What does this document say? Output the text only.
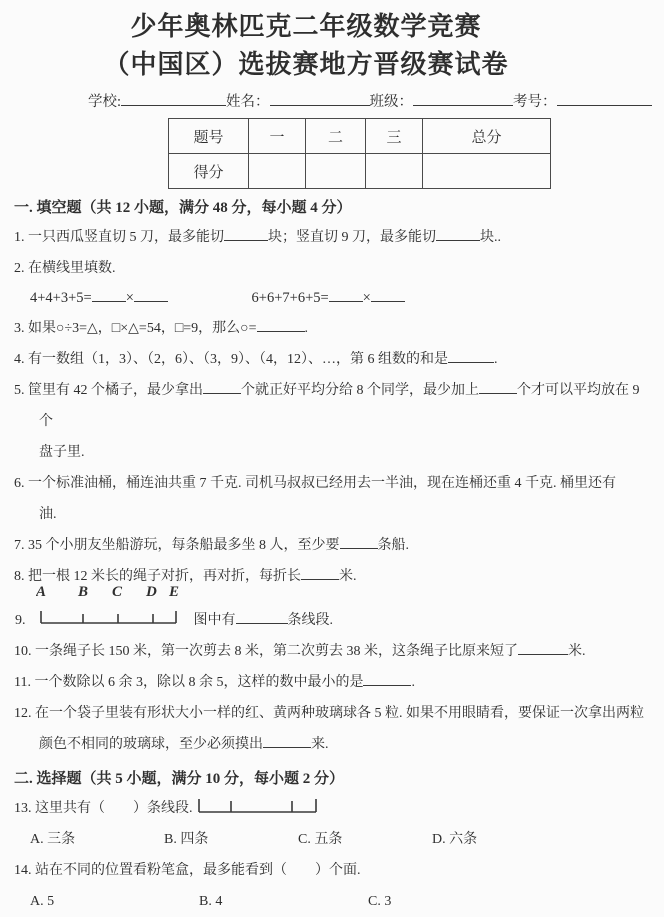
少年奥林匹克二年级数学竞赛
（中国区）选拔赛地方晋级赛试卷
学校:	姓名：	班级：	考号：
题号	一	二	三	总分
得分				
一. 填空题（共 12 小题，满分 48 分，每小题 4 分）
1. 一只西瓜竖直切 5 刀，最多能切	块；竖直切 9 刀，最多能切	块..
2. 在横线里填数.
4+4+3+5= ×	6+6+7+6+5= ×
3. 如果○÷3=△，□×△=54，□=9，那么○=	.
4. 有一数组（1，3）、（2，6）、（3，9）、（4，12）、…，第 6 组数的和是	.
5. 筐里有 42 个橘子，最少拿出	个就正好平均分给 8 个同学，最少加上	个才可以平均放在 9 个
盘子里.
6. 一个标准油桶，桶连油共重 7 千克. 司机马叔叔已经用去一半油，现在连桶还重 4 千克. 桶里还有
油.
7. 35 个小朋友坐船游玩，每条船最多坐 8 人，至少要	条船.
8. 把一根 12 米长的绳子对折，再对折，每折长	米.
9.
A B C D E
图中有	条线段.
10. 一条绳子长 150 米，第一次剪去 8 米，第二次剪去 38 米，这条绳子比原来短了	米.
11. 一个数除以 6 余 3，除以 8 余 5，这样的数中最小的是	.
12. 在一个袋子里装有形状大小一样的红、黄两种玻璃球各 5 粒. 如果不用眼睛看，要保证一次拿出两粒
颜色不相同的玻璃球，至少必须摸出	来.
二. 选择题（共 5 小题，满分 10 分，每小题 2 分）
13. 这里共有（　　）条线段.
A. 三条	B. 四条	C. 五条	D. 六条
14. 站在不同的位置看粉笔盒，最多能看到（　　）个面.
A. 5	B. 4	C. 3
